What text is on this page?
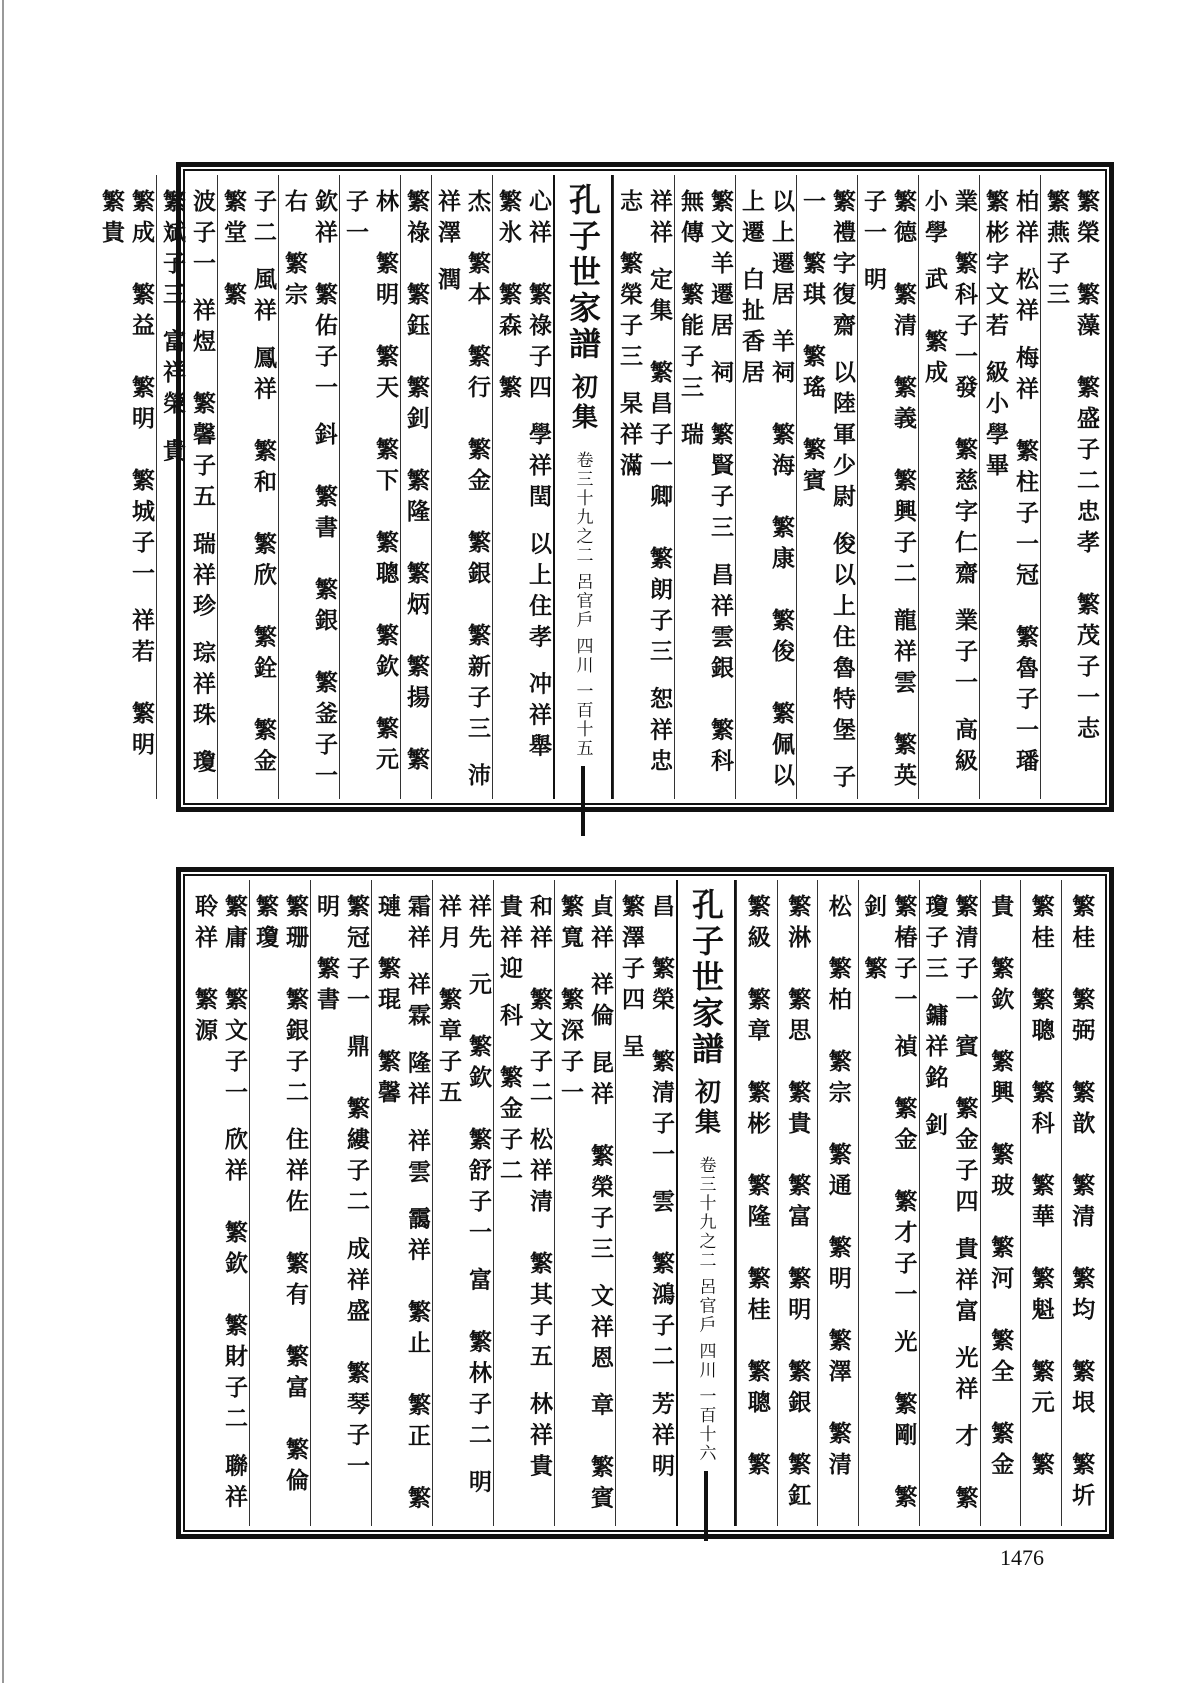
繁榮　繁藻　繁盛子二忠孝　繁茂子一志　繁燕子三
柏祥 松祥 梅祥　繁柱子一冠　繁魯子一璠　繁彬字文若 級小學畢
業　繁科子一發　繁慈字仁齋 業子一 高級小學 武　繁成
繁德　繁清　繁義　繁興子二 龍祥雲　繁英子一 明
繁禮字復齋 以陸軍少尉 俊以上住魯特堡 子一　繁琪　繁瑤　繁賓
以上遷居 羊祠　繁海　繁康　繁俊　繁佩以上遷 白扯香居
繁文羊遷居 祠　繁賢子三 昌祥雲銀　繁科無傳　繁能子三 瑞
祥祥 定集　繁昌子一卿　繁朗子三 恕祥忠志　繁榮子三 杲祥滿
孔子世家譜
初集
卷三十九之二 呂官戶 四川 一百十五
心祥　繁祿子四 學祥閏 以上住孝 冲祥舉　繁氷　繁森　繁
杰　繁本　繁行　繁金　繁銀　繁新子三 沛祥澤 潤
繁祿　繁鈺　繁釗　繁隆　繁炳　繁揚　繁
林　繁明　繁天　繁下　繁聰　繁欽　繁元子一
欽祥　繁佑子一 鈄　繁書　繁銀　繁釜子一 右　繁宗
子二 風祥 鳳祥　繁和　繁欣　繁銓　繁金　繁堂　繁
波子一 祥煜　繁馨子五 瑞祥珍 琮祥珠 瓊　繁斌子三 富祥榮 貴
繁成　繁益　繁明　繁城子一 祥若　繁明　繁貴
繁桂　繁弼　繁歆　繁清　繁均　繁垠　繁圻
繁桂　繁聰　繁科　繁華　繁魁　繁元　繁
貴　繁欽　繁興　繁玻　繁河　繁全　繁金
繁清子一 賓　繁金子四 貴祥富 光祥 才　繁瓊子三 鏞祥銘 釗
繁椿子一 禎　繁金　繁才子一 光　繁剛　繁釗　繁
松　繁柏　繁宗　繁通　繁明　繁澤　繁清
繁淋　繁思　繁貴　繁富　繁明　繁銀　繁釭
繁級　繁章　繁彬　繁隆　繁桂　繁聰　繁
孔子世家譜
初集
卷三十九之二 呂官戶 四川 一百十六
昌　繁榮　繁清子一 雲　繁鴻子二 芳祥明　繁澤子四 呈
貞祥 祥倫 昆祥　繁榮子三 文祥恩 章　繁賓　繁寬　繁深子一
和祥　繁文子二 松祥清　繁其子五 林祥貴 貴祥迎 科　繁金子二
祥先 元　繁欽　繁舒子一 富　繁林子二 明祥月　繁章子五
霜祥 祥霖 隆祥 祥雲 靄祥　繁止　繁正　繁璉　繁琨　繁馨
繁冠子一 鼎　繁縷子二 成祥盛　繁琴子一 明　繁書
繁珊　繁銀子二 住祥佐　繁有　繁富　繁倫　繁瓊
繁庸　繁文子一 欣祥　繁欽　繁財子二 聯祥 聆祥　繁源
1476
